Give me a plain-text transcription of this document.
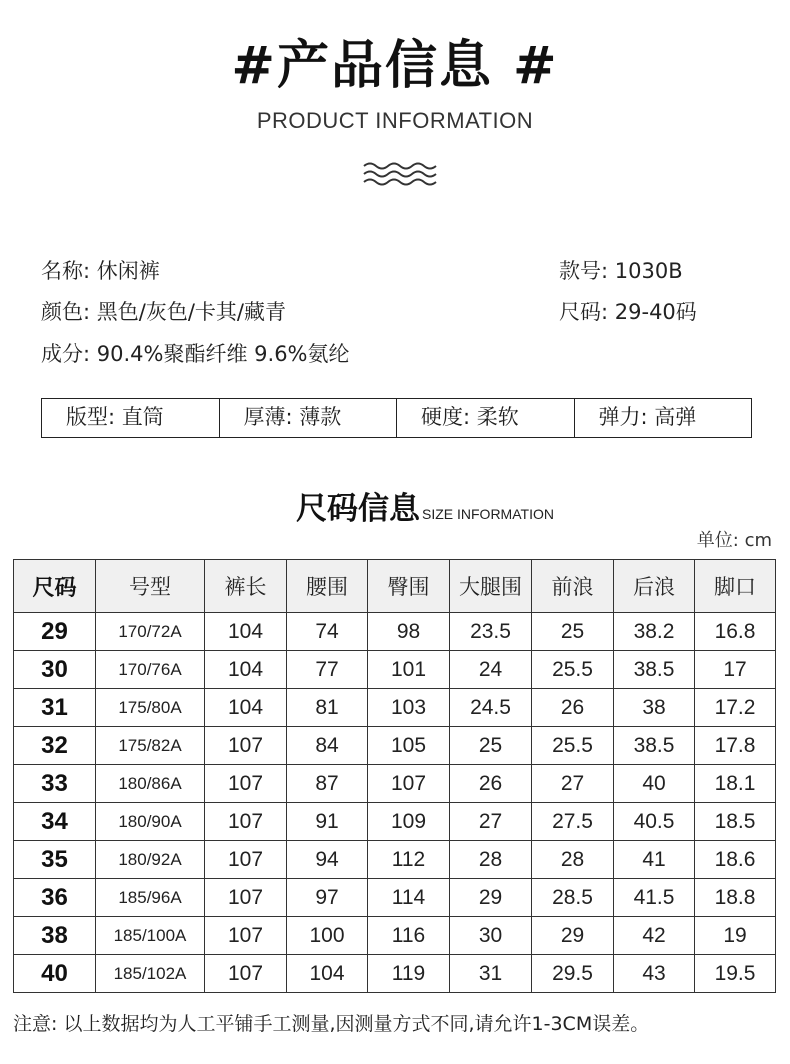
#产品信息 #
PRODUCT INFORMATION
名称: 休闲裤	款号: 1030B
颜色: 黑色/灰色/卡其/藏青	尺码: 29-40码
成分: 90.4%聚酯纤维 9.6%氨纶
版型: 直筒	厚薄: 薄款	硬度: 柔软	弹力: 高弹
尺码信息 SIZE INFORMATION
单位: cm
尺码	号型	裤长	腰围	臀围	大腿围	前浪	后浪	脚口
29	170/72A	104	74	98	23.5	25	38.2	16.8
30	170/76A	104	77	101	24	25.5	38.5	17
31	175/80A	104	81	103	24.5	26	38	17.2
32	175/82A	107	84	105	25	25.5	38.5	17.8
33	180/86A	107	87	107	26	27	40	18.1
34	180/90A	107	91	109	27	27.5	40.5	18.5
35	180/92A	107	94	112	28	28	41	18.6
36	185/96A	107	97	114	29	28.5	41.5	18.8
38	185/100A	107	100	116	30	29	42	19
40	185/102A	107	104	119	31	29.5	43	19.5
注意: 以上数据均为人工平铺手工测量,因测量方式不同,请允许1-3CM误差。
